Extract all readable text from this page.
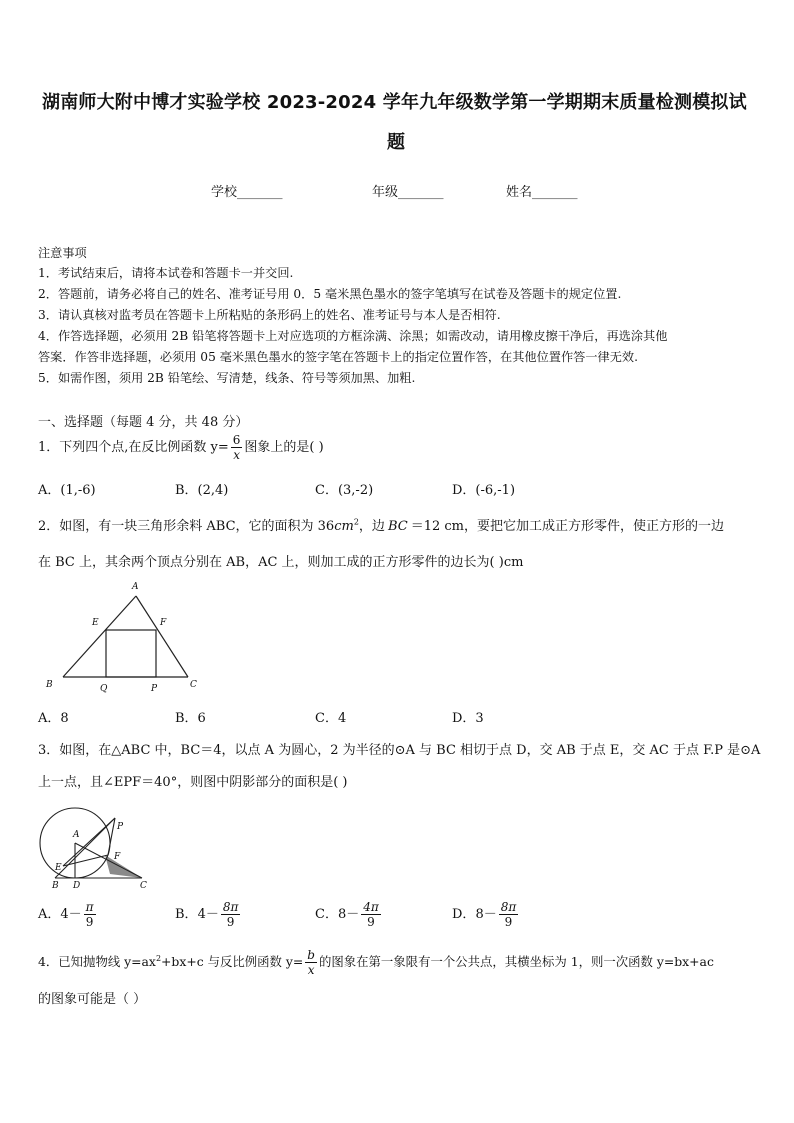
湖南师大附中博才实验学校 2023-2024 学年九年级数学第一学期期末质量检测模拟试
题
学校_______	年级_______	姓名_______
注意事项
1．考试结束后，请将本试卷和答题卡一并交回.
2．答题前，请务必将自己的姓名、准考证号用 0．5 毫米黑色墨水的签字笔填写在试卷及答题卡的规定位置.
3．请认真核对监考员在答题卡上所粘贴的条形码上的姓名、准考证号与本人是否相符.
4．作答选择题，必须用 2B 铅笔将答题卡上对应选项的方框涂满、涂黑；如需改动，请用橡皮擦干净后，再选涂其他
答案．作答非选择题，必须用 05 毫米黑色墨水的签字笔在答题卡上的指定位置作答，在其他位置作答一律无效.
5．如需作图，须用 2B 铅笔绘、写清楚，线条、符号等须加黑、加粗.
一、选择题（每题 4 分，共 48 分）
1．下列四个点,在反比例函数 $y= \frac{6}{x}$ 图象上的是( )
A．(1,-6)	B．(2,4)	C．(3,-2)	D．(-6,-1)
2．如图，有一块三角形余料 ABC，它的面积为 $36cm^2$，边 BC ＝12 cm，要把它加工成正方形零件，使正方形的一边
在 BC 上，其余两个顶点分别在 AB，AC 上，则加工成的正方形零件的边长为( )cm
A
E	F
B	Q	P	C
A．8	B．6	C．4	D．3
3．如图，在△ABC 中，BC＝4，以点 A 为圆心，2 为半径的⊙A 与 BC 相切于点 D，交 AB 于点 E，交 AC 于点 F.P 是⊙A
上一点，且∠EPF＝40°，则图中阴影部分的面积是( )
A
P
E
F
B D	C
A．$4- \frac{\pi}{9}$	B．$4- \frac{8\pi}{9}$	C．$8- \frac{4\pi}{9}$	D．$8- \frac{8\pi}{9}$
4．已知抛物线 $y=ax^2+bx+c$ 与反比例函数 $y= \frac{b}{x}$ 的图象在第一象限有一个公共点，其横坐标为 1，则一次函数 y=bx+ac
的图象可能是（ ）
